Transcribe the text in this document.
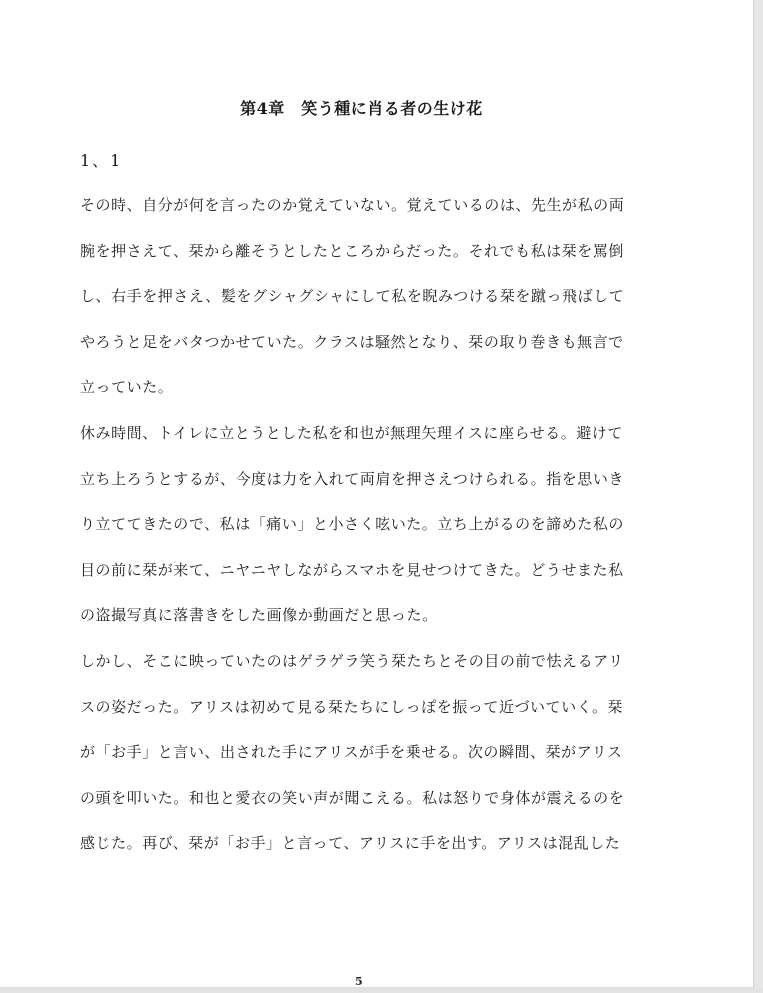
第4章　笑う種に肖る者の生け花
1、1
その時、自分が何を言ったのか覚えていない。覚えているのは、先生が私の両
腕を押さえて、栞から離そうとしたところからだった。それでも私は栞を罵倒
し、右手を押さえ、髪をグシャグシャにして私を睨みつける栞を蹴っ飛ばして
やろうと足をバタつかせていた。クラスは騒然となり、栞の取り巻きも無言で
立っていた。
休み時間、トイレに立とうとした私を和也が無理矢理イスに座らせる。避けて
立ち上ろうとするが、今度は力を入れて両肩を押さえつけられる。指を思いき
り立ててきたので、私は「痛い」と小さく呟いた。立ち上がるのを諦めた私の
目の前に栞が来て、ニヤニヤしながらスマホを見せつけてきた。どうせまた私
の盗撮写真に落書きをした画像か動画だと思った。
しかし、そこに映っていたのはゲラゲラ笑う栞たちとその目の前で怯えるアリ
スの姿だった。アリスは初めて見る栞たちにしっぽを振って近づいていく。栞
が「お手」と言い、出された手にアリスが手を乗せる。次の瞬間、栞がアリス
の頭を叩いた。和也と愛衣の笑い声が聞こえる。私は怒りで身体が震えるのを
感じた。再び、栞が「お手」と言って、アリスに手を出す。アリスは混乱した
5
